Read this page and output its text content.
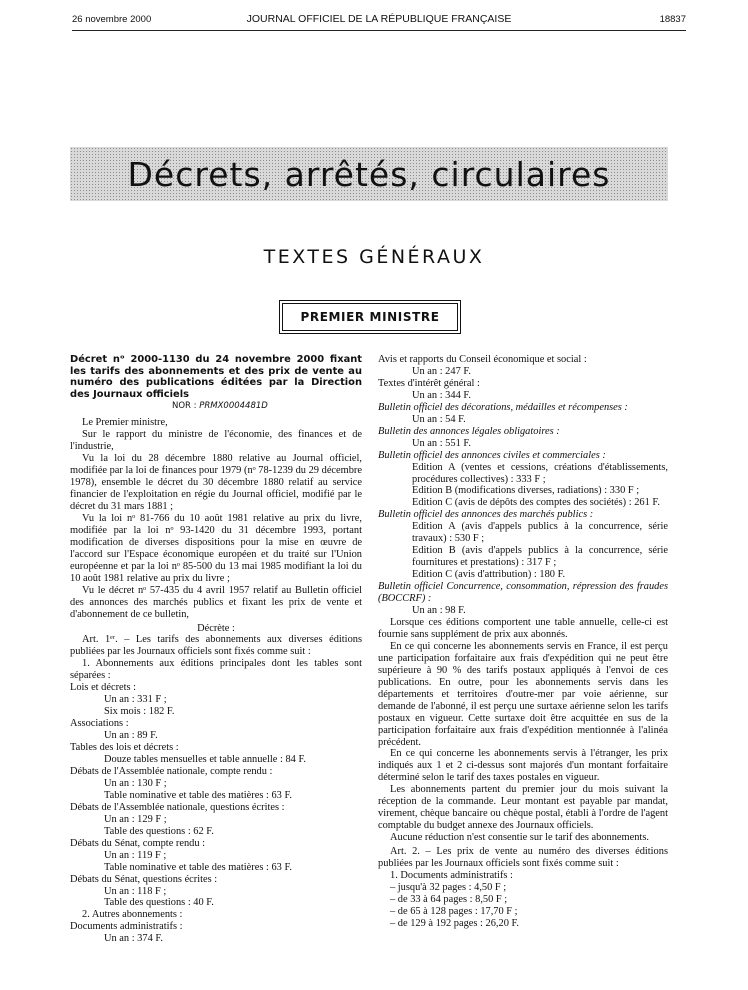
26 novembre 2000	JOURNAL OFFICIEL DE LA RÉPUBLIQUE FRANÇAISE	18837
Décrets, arrêtés, circulaires
TEXTES GÉNÉRAUX
PREMIER MINISTRE

Décret nᵒ 2000-1130 du 24 novembre 2000 fixant les tarifs des abonnements et des prix de vente au numéro des publications éditées par la Direction des Journaux officiels

NOR : PRMX0004481D

Le Premier ministre,

Sur le rapport du ministre de l'économie, des finances et de l'industrie,

Vu la loi du 28 décembre 1880 relative au Journal officiel, modifiée par la loi de finances pour 1979 (nᵒ 78-1239 du 29 décembre 1978), ensemble le décret du 30 décembre 1880 relatif au service financier de l'exploitation en régie du Journal officiel, modifié par le décret du 31 mars 1881 ;

Vu la loi nᵒ 81-766 du 10 août 1981 relative au prix du livre, modifiée par la loi nᵒ 93-1420 du 31 décembre 1993, portant modification de diverses dispositions pour la mise en œuvre de l'accord sur l'Espace économique européen et du traité sur l'Union européenne et par la loi nᵒ 85-500 du 13 mai 1985 modifiant la loi du 10 août 1981 relative au prix du livre ;

Vu le décret nᵒ 57-435 du 4 avril 1957 relatif au Bulletin officiel des annonces des marchés publics et fixant les prix de vente et d'abonnement de ce bulletin,

Décrète :

Art. 1ᵉʳ. – Les tarifs des abonnements aux diverses éditions publiées par les Journaux officiels sont fixés comme suit :

1. Abonnements aux éditions principales dont les tables sont séparées :

Lois et décrets :

Un an : 331 F ;

Six mois : 182 F.

Associations :

Un an : 89 F.

Tables des lois et décrets :

Douze tables mensuelles et table annuelle : 84 F.

Débats de l'Assemblée nationale, compte rendu :

Un an : 130 F ;

Table nominative et table des matières : 63 F.

Débats de l'Assemblée nationale, questions écrites :

Un an : 129 F ;

Table des questions : 62 F.

Débats du Sénat, compte rendu :

Un an : 119 F ;

Table nominative et table des matières : 63 F.

Débats du Sénat, questions écrites :

Un an : 118 F ;

Table des questions : 40 F.

2. Autres abonnements :

Documents administratifs :

Un an : 374 F.

Avis et rapports du Conseil économique et social :

Un an : 247 F.

Textes d'intérêt général :

Un an : 344 F.

Bulletin officiel des décorations, médailles et récompenses :

Un an : 54 F.

Bulletin des annonces légales obligatoires :

Un an : 551 F.

Bulletin officiel des annonces civiles et commerciales :

Edition A (ventes et cessions, créations d'établissements, procédures collectives) : 333 F ;

Edition B (modifications diverses, radiations) : 330 F ;

Edition C (avis de dépôts des comptes des sociétés) : 261 F.

Bulletin officiel des annonces des marchés publics :

Edition A (avis d'appels publics à la concurrence, série travaux) : 530 F ;

Edition B (avis d'appels publics à la concurrence, série fournitures et prestations) : 317 F ;

Edition C (avis d'attribution) : 180 F.

Bulletin officiel Concurrence, consommation, répression des fraudes (BOCCRF) :

Un an : 98 F.

Lorsque ces éditions comportent une table annuelle, celle-ci est fournie sans supplément de prix aux abonnés.

En ce qui concerne les abonnements servis en France, il est perçu une participation forfaitaire aux frais d'expédition qui ne peut être supérieure à 90 % des tarifs postaux appliqués à l'envoi de ces publications. En outre, pour les abonnements servis dans les départements et territoires d'outre-mer par voie aérienne, sur demande de l'abonné, il est perçu une surtaxe aérienne selon les tarifs postaux en vigueur. Cette surtaxe doit être acquittée en sus de la participation forfaitaire aux frais d'expédition mentionnée à l'alinéa précédent.

En ce qui concerne les abonnements servis à l'étranger, les prix indiqués aux 1 et 2 ci-dessus sont majorés d'un montant forfaitaire déterminé selon le tarif des taxes postales en vigueur.

Les abonnements partent du premier jour du mois suivant la réception de la commande. Leur montant est payable par mandat, virement, chèque bancaire ou chèque postal, établi à l'ordre de l'agent comptable du budget annexe des Journaux officiels.

Aucune réduction n'est consentie sur le tarif des abonnements.

Art. 2. – Les prix de vente au numéro des diverses éditions publiées par les Journaux officiels sont fixés comme suit :

1. Documents administratifs :

– jusqu'à 32 pages : 4,50 F ;

– de 33 à 64 pages : 8,50 F ;

– de 65 à 128 pages : 17,70 F ;

– de 129 à 192 pages : 26,20 F.
